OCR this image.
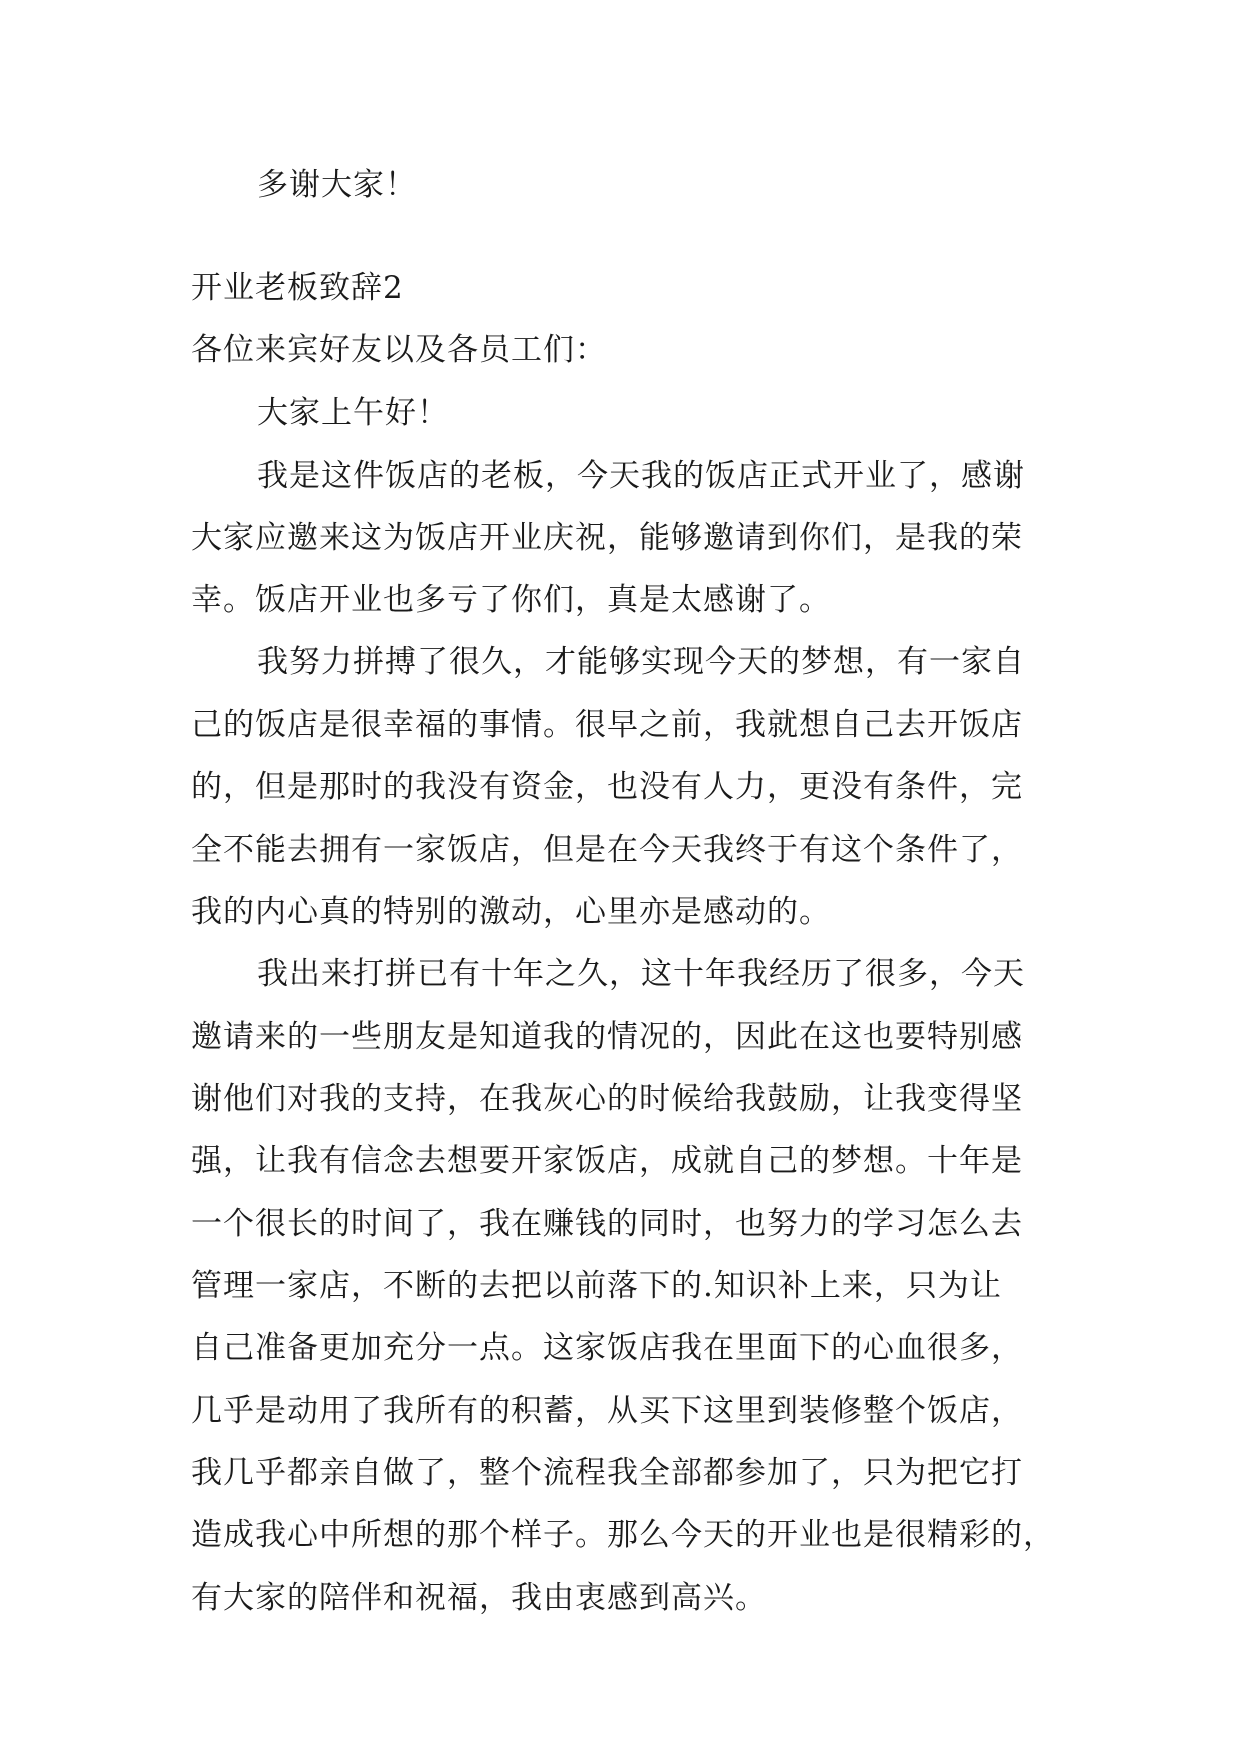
多谢大家！
开业老板致辞2
各位来宾好友以及各员工们：
大家上午好！
我是这件饭店的老板，今天我的饭店正式开业了，感谢
大家应邀来这为饭店开业庆祝，能够邀请到你们，是我的荣
幸。饭店开业也多亏了你们，真是太感谢了。
我努力拼搏了很久，才能够实现今天的梦想，有一家自
己的饭店是很幸福的事情。很早之前，我就想自己去开饭店
的，但是那时的我没有资金，也没有人力，更没有条件，完
全不能去拥有一家饭店，但是在今天我终于有这个条件了，
我的内心真的特别的激动，心里亦是感动的。
我出来打拼已有十年之久，这十年我经历了很多，今天
邀请来的一些朋友是知道我的情况的，因此在这也要特别感
谢他们对我的支持，在我灰心的时候给我鼓励，让我变得坚
强，让我有信念去想要开家饭店，成就自己的梦想。十年是
一个很长的时间了，我在赚钱的同时，也努力的学习怎么去
管理一家店，不断的去把以前落下的.知识补上来，只为让
自己准备更加充分一点。这家饭店我在里面下的心血很多，
几乎是动用了我所有的积蓄，从买下这里到装修整个饭店，
我几乎都亲自做了，整个流程我全部都参加了，只为把它打
造成我心中所想的那个样子。那么今天的开业也是很精彩的，
有大家的陪伴和祝福，我由衷感到高兴。
